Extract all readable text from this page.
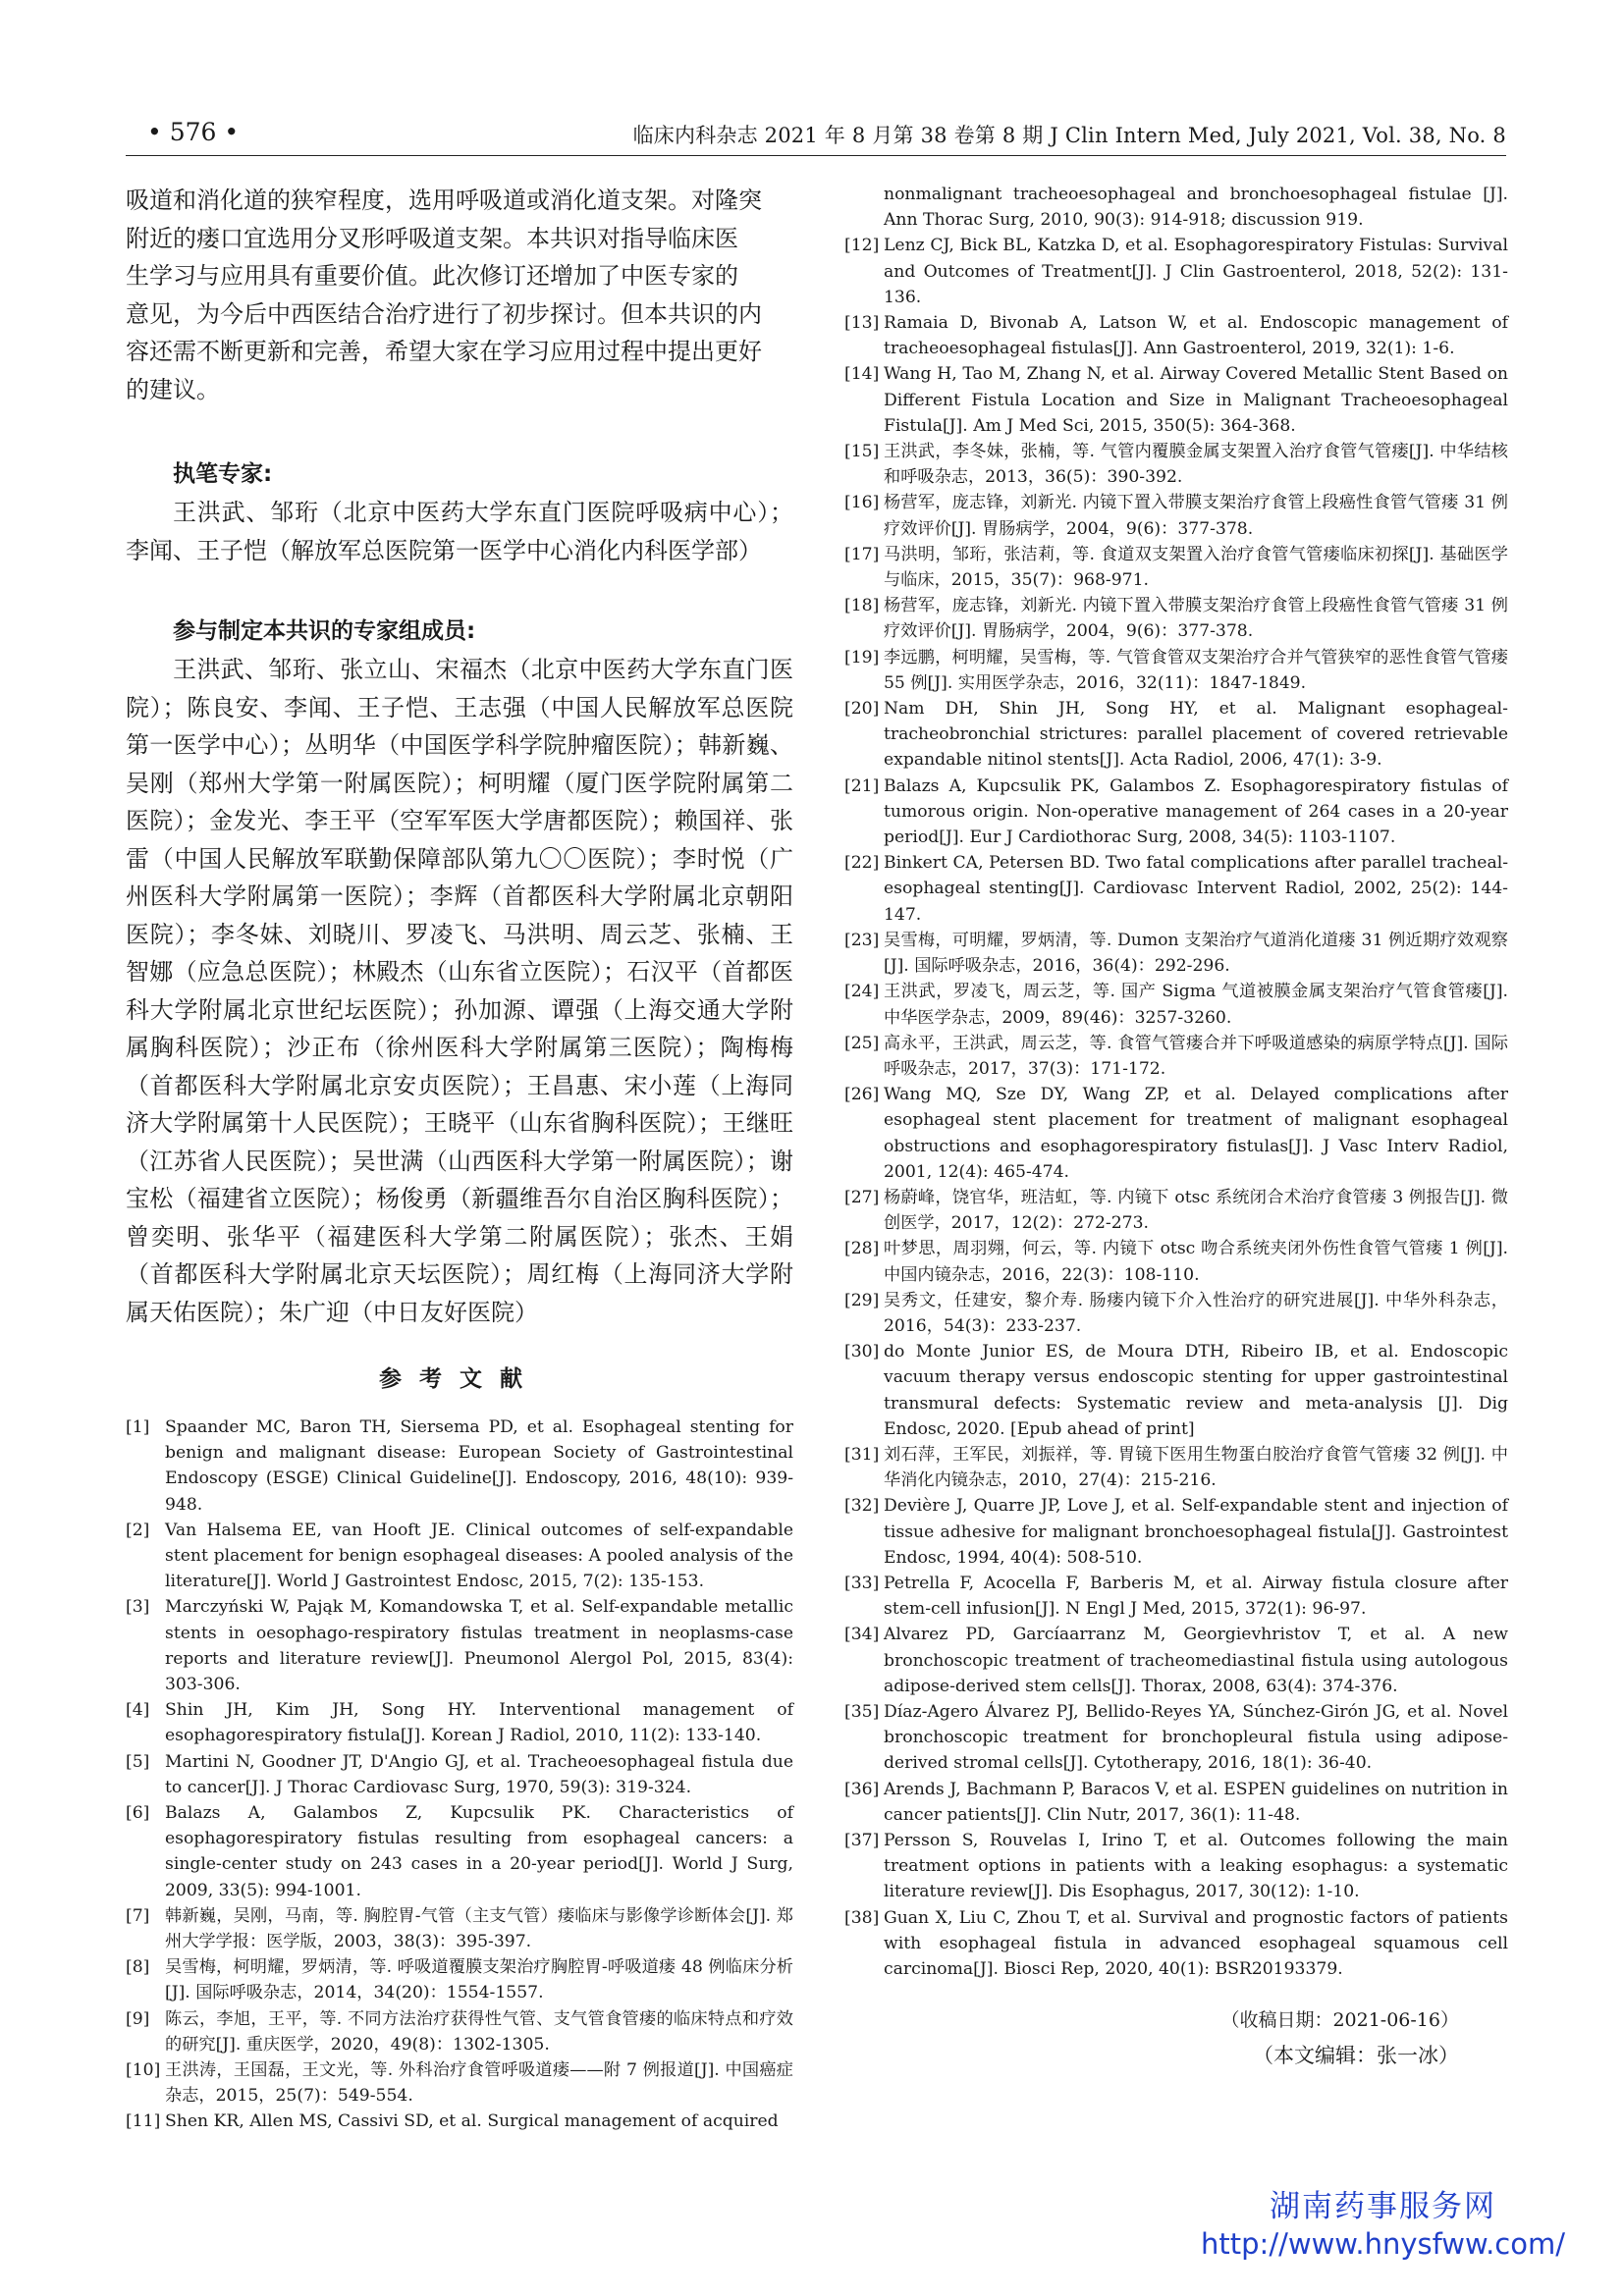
• 576 •	临床内科杂志 2021 年 8 月第 38 卷第 8 期 J Clin Intern Med, July 2021, Vol. 38, No. 8

吸道和消化道的狭窄程度，选用呼吸道或消化道支架。对隆突
附近的瘘口宜选用分叉形呼吸道支架。本共识对指导临床医
生学习与应用具有重要价值。此次修订还增加了中医专家的
意见，为今后中西医结合治疗进行了初步探讨。但本共识的内
容还需不断更新和完善，希望大家在学习应用过程中提出更好
的建议。

执笔专家:

王洪武、邹珩（北京中医药大学东直门医院呼吸病中心）；李闻、王子恺（解放军总医院第一医学中心消化内科医学部）

参与制定本共识的专家组成员:

王洪武、邹珩、张立山、宋福杰（北京中医药大学东直门医院）；陈良安、李闻、王子恺、王志强（中国人民解放军总医院第一医学中心）；丛明华（中国医学科学院肿瘤医院）；韩新巍、吴刚（郑州大学第一附属医院）；柯明耀（厦门医学院附属第二医院）；金发光、李王平（空军军医大学唐都医院）；赖国祥、张雷（中国人民解放军联勤保障部队第九〇〇医院）；李时悦（广州医科大学附属第一医院）；李辉（首都医科大学附属北京朝阳医院）；李冬妹、刘晓川、罗凌飞、马洪明、周云芝、张楠、王智娜（应急总医院）；林殿杰（山东省立医院）；石汉平（首都医科大学附属北京世纪坛医院）；孙加源、谭强（上海交通大学附属胸科医院）；沙正布（徐州医科大学附属第三医院）；陶梅梅（首都医科大学附属北京安贞医院）；王昌惠、宋小莲（上海同济大学附属第十人民医院）；王晓平（山东省胸科医院）；王继旺（江苏省人民医院）；吴世满（山西医科大学第一附属医院）；谢宝松（福建省立医院）；杨俊勇（新疆维吾尔自治区胸科医院）；曾奕明、张华平（福建医科大学第二附属医院）；张杰、王娟（首都医科大学附属北京天坛医院）；周红梅（上海同济大学附属天佑医院）；朱广迎（中日友好医院）

参考文献

[1] Spaander MC, Baron TH, Siersema PD, et al. Esophageal stenting for benign and malignant disease: European Society of Gastrointestinal Endoscopy (ESGE) Clinical Guideline[J]. Endoscopy, 2016, 48(10): 939-948.
[2] Van Halsema EE, van Hooft JE. Clinical outcomes of self-expandable stent placement for benign esophageal diseases: A pooled analysis of the literature[J]. World J Gastrointest Endosc, 2015, 7(2): 135-153.
[3] Marczyński W, Pająk M, Komandowska T, et al. Self-expandable metallic stents in oesophago-respiratory fistulas treatment in neoplasms-case reports and literature review[J]. Pneumonol Alergol Pol, 2015, 83(4): 303-306.
[4] Shin JH, Kim JH, Song HY. Interventional management of esophagorespiratory fistula[J]. Korean J Radiol, 2010, 11(2): 133-140.
[5] Martini N, Goodner JT, D'Angio GJ, et al. Tracheoesophageal fistula due to cancer[J]. J Thorac Cardiovasc Surg, 1970, 59(3): 319-324.
[6] Balazs A, Galambos Z, Kupcsulik PK. Characteristics of esophagorespiratory fistulas resulting from esophageal cancers: a single-center study on 243 cases in a 20-year period[J]. World J Surg, 2009, 33(5): 994-1001.
[7] 韩新巍，吴刚，马南，等. 胸腔胃-气管（主支气管）瘘临床与影像学诊断体会[J]. 郑州大学学报：医学版，2003，38(3)：395-397.
[8] 吴雪梅，柯明耀，罗炳清，等. 呼吸道覆膜支架治疗胸腔胃-呼吸道瘘 48 例临床分析[J]. 国际呼吸杂志，2014，34(20)：1554-1557.
[9] 陈云，李旭，王平，等. 不同方法治疗获得性气管、支气管食管瘘的临床特点和疗效的研究[J]. 重庆医学，2020，49(8)：1302-1305.
[10] 王洪涛，王国磊，王文光，等. 外科治疗食管呼吸道瘘——附 7 例报道[J]. 中国癌症杂志，2015，25(7)：549-554.
[11] Shen KR, Allen MS, Cassivi SD, et al. Surgical management of acquired

nonmalignant tracheoesophageal and bronchoesophageal fistulae [J]. Ann Thorac Surg, 2010, 90(3): 914-918; discussion 919.

[12] Lenz CJ, Bick BL, Katzka D, et al. Esophagorespiratory Fistulas: Survival and Outcomes of Treatment[J]. J Clin Gastroenterol, 2018, 52(2): 131-136.
[13] Ramaia D, Bivonab A, Latson W, et al. Endoscopic management of tracheoesophageal fistulas[J]. Ann Gastroenterol, 2019, 32(1): 1-6.
[14] Wang H, Tao M, Zhang N, et al. Airway Covered Metallic Stent Based on Different Fistula Location and Size in Malignant Tracheoesophageal Fistula[J]. Am J Med Sci, 2015, 350(5): 364-368.
[15] 王洪武，李冬妹，张楠，等. 气管内覆膜金属支架置入治疗食管气管瘘[J]. 中华结核和呼吸杂志，2013，36(5)：390-392.
[16] 杨营军，庞志锋，刘新光. 内镜下置入带膜支架治疗食管上段癌性食管气管瘘 31 例疗效评价[J]. 胃肠病学，2004，9(6)：377-378.
[17] 马洪明，邹珩，张洁莉，等. 食道双支架置入治疗食管气管瘘临床初探[J]. 基础医学与临床，2015，35(7)：968-971.
[18] 杨营军，庞志锋，刘新光. 内镜下置入带膜支架治疗食管上段癌性食管气管瘘 31 例疗效评价[J]. 胃肠病学，2004，9(6)：377-378.
[19] 李远鹏，柯明耀，吴雪梅，等. 气管食管双支架治疗合并气管狭窄的恶性食管气管瘘 55 例[J]. 实用医学杂志，2016，32(11)：1847-1849.
[20] Nam DH, Shin JH, Song HY, et al. Malignant esophageal-tracheobronchial strictures: parallel placement of covered retrievable expandable nitinol stents[J]. Acta Radiol, 2006, 47(1): 3-9.
[21] Balazs A, Kupcsulik PK, Galambos Z. Esophagorespiratory fistulas of tumorous origin. Non-operative management of 264 cases in a 20-year period[J]. Eur J Cardiothorac Surg, 2008, 34(5): 1103-1107.
[22] Binkert CA, Petersen BD. Two fatal complications after parallel tracheal-esophageal stenting[J]. Cardiovasc Intervent Radiol, 2002, 25(2): 144-147.
[23] 吴雪梅，可明耀，罗炳清，等. Dumon 支架治疗气道消化道瘘 31 例近期疗效观察[J]. 国际呼吸杂志，2016，36(4)：292-296.
[24] 王洪武，罗凌飞，周云芝，等. 国产 Sigma 气道被膜金属支架治疗气管食管瘘[J]. 中华医学杂志，2009，89(46)：3257-3260.
[25] 高永平，王洪武，周云芝，等. 食管气管瘘合并下呼吸道感染的病原学特点[J]. 国际呼吸杂志，2017，37(3)：171-172.
[26] Wang MQ, Sze DY, Wang ZP, et al. Delayed complications after esophageal stent placement for treatment of malignant esophageal obstructions and esophagorespiratory fistulas[J]. J Vasc Interv Radiol, 2001, 12(4): 465-474.
[27] 杨蔚峰，饶官华，班洁虹，等. 内镜下 otsc 系统闭合术治疗食管瘘 3 例报告[J]. 微创医学，2017，12(2)：272-273.
[28] 叶梦思，周羽翙，何云，等. 内镜下 otsc 吻合系统夹闭外伤性食管气管瘘 1 例[J]. 中国内镜杂志，2016，22(3)：108-110.
[29] 吴秀文，任建安，黎介寿. 肠瘘内镜下介入性治疗的研究进展[J]. 中华外科杂志，2016，54(3)：233-237.
[30] do Monte Junior ES, de Moura DTH, Ribeiro IB, et al. Endoscopic vacuum therapy versus endoscopic stenting for upper gastrointestinal transmural defects: Systematic review and meta-analysis [J]. Dig Endosc, 2020. [Epub ahead of print]
[31] 刘石萍，王军民，刘振祥，等. 胃镜下医用生物蛋白胶治疗食管气管瘘 32 例[J]. 中华消化内镜杂志，2010，27(4)：215-216.
[32] Devière J, Quarre JP, Love J, et al. Self-expandable stent and injection of tissue adhesive for malignant bronchoesophageal fistula[J]. Gastrointest Endosc, 1994, 40(4): 508-510.
[33] Petrella F, Acocella F, Barberis M, et al. Airway fistula closure after stem-cell infusion[J]. N Engl J Med, 2015, 372(1): 96-97.
[34] Alvarez PD, Garcíaarranz M, Georgievhristov T, et al. A new bronchoscopic treatment of tracheomediastinal fistula using autologous adipose-derived stem cells[J]. Thorax, 2008, 63(4): 374-376.
[35] Díaz-Agero Álvarez PJ, Bellido-Reyes YA, Súnchez-Girón JG, et al. Novel bronchoscopic treatment for bronchopleural fistula using adipose-derived stromal cells[J]. Cytotherapy, 2016, 18(1): 36-40.
[36] Arends J, Bachmann P, Baracos V, et al. ESPEN guidelines on nutrition in cancer patients[J]. Clin Nutr, 2017, 36(1): 11-48.
[37] Persson S, Rouvelas I, Irino T, et al. Outcomes following the main treatment options in patients with a leaking esophagus: a systematic literature review[J]. Dis Esophagus, 2017, 30(12): 1-10.
[38] Guan X, Liu C, Zhou T, et al. Survival and prognostic factors of patients with esophageal fistula in advanced esophageal squamous cell carcinoma[J]. Biosci Rep, 2020, 40(1): BSR20193379.

（收稿日期：2021-06-16）

（本文编辑：张一冰）

湖南药事服务网
http://www.hnysfww.com/
